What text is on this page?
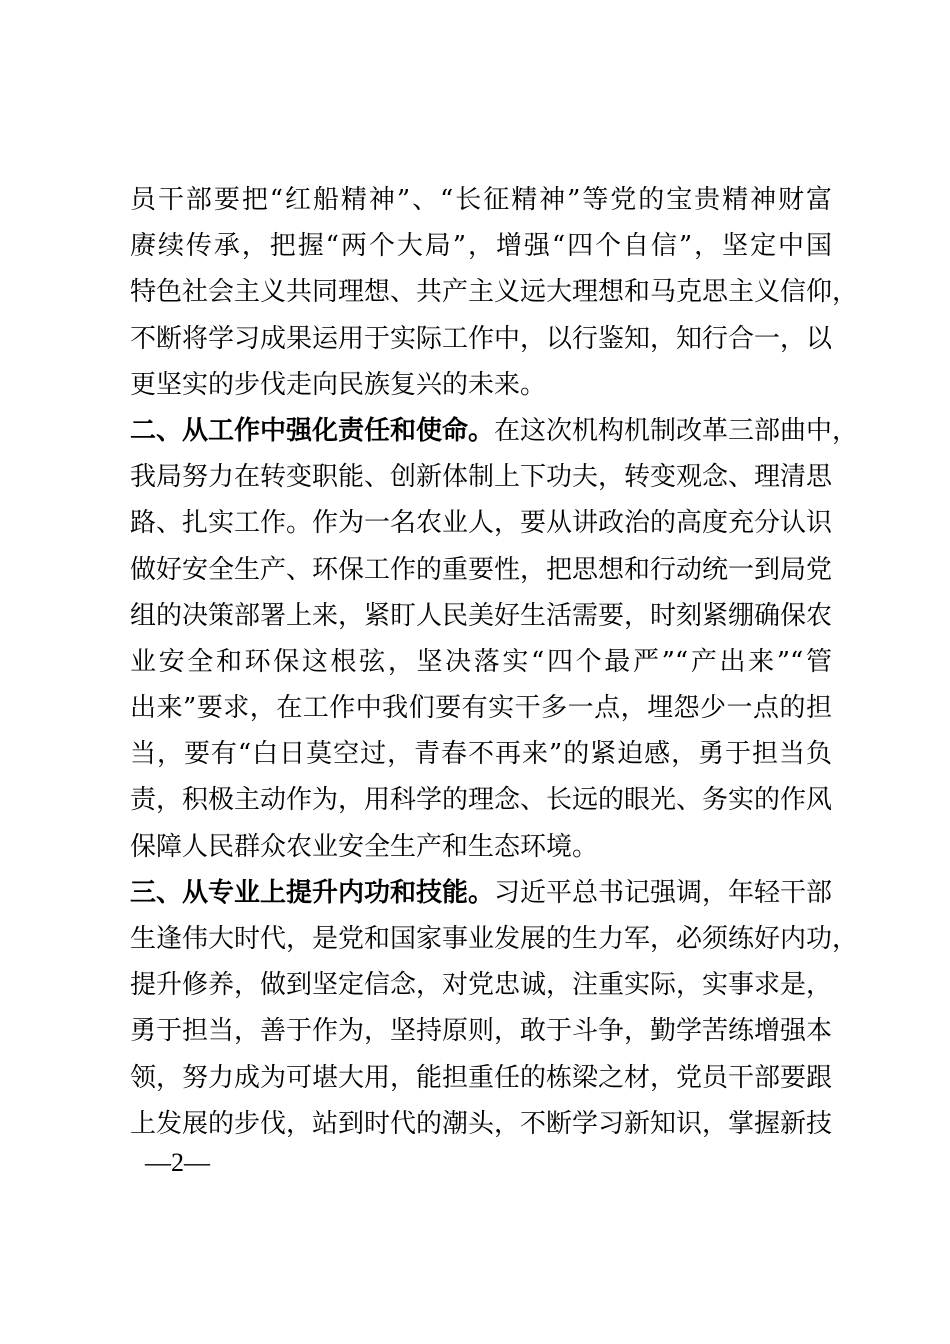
员干部要把“红船精神”、“长征精神”等党的宝贵精神财富
赓续传承，把握“两个大局”，增强“四个自信”，坚定中国
特色社会主义共同理想、共产主义远大理想和马克思主义信仰，
不断将学习成果运用于实际工作中，以行鉴知，知行合一，以
更坚实的步伐走向民族复兴的未来。
二、从工作中强化责任和使命。在这次机构机制改革三部曲中，
我局努力在转变职能、创新体制上下功夫，转变观念、理清思
路、扎实工作。作为一名农业人，要从讲政治的高度充分认识
做好安全生产、环保工作的重要性，把思想和行动统一到局党
组的决策部署上来，紧盯人民美好生活需要，时刻紧绷确保农
业安全和环保这根弦，坚决落实“四个最严”“产出来”“管
出来”要求，在工作中我们要有实干多一点，埋怨少一点的担
当，要有“白日莫空过，青春不再来”的紧迫感，勇于担当负
责，积极主动作为，用科学的理念、长远的眼光、务实的作风
保障人民群众农业安全生产和生态环境。
三、从专业上提升内功和技能。习近平总书记强调，年轻干部
生逢伟大时代，是党和国家事业发展的生力军，必须练好内功，
提升修养，做到坚定信念，对党忠诚，注重实际，实事求是，
勇于担当，善于作为，坚持原则，敢于斗争，勤学苦练增强本
领，努力成为可堪大用，能担重任的栋梁之材，党员干部要跟
上发展的步伐，站到时代的潮头，不断学习新知识，掌握新技
—2—
